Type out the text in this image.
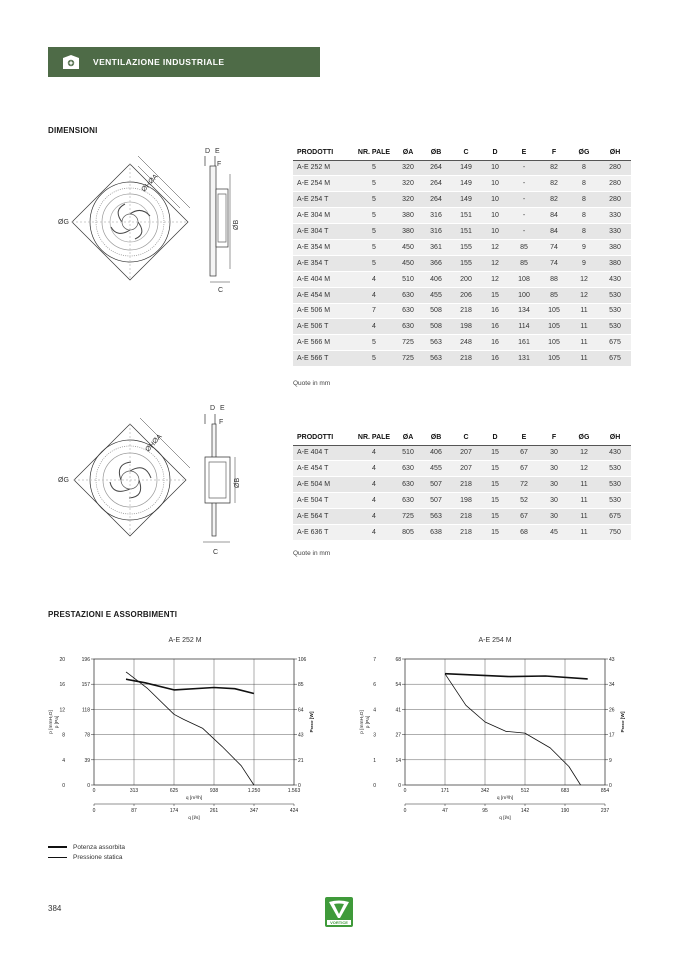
VENTILAZIONE INDUSTRIALE
DIMENSIONI
D E
F
ØA
ØH
ØG	ØB
C
PRODOTTI	NR. PALE	ØA	ØB	C	D	E	F	ØG	ØH
A-E 252 M	5	320	264	149	10	-	82	8	280
A-E 254 M	5	320	264	149	10	-	82	8	280
A-E 254 T	5	320	264	149	10	-	82	8	280
A-E 304 M	5	380	316	151	10	-	84	8	330
A-E 304 T	5	380	316	151	10	-	84	8	330
A-E 354 M	5	450	361	155	12	85	74	9	380
A-E 354 T	5	450	366	155	12	85	74	9	380
A-E 404 M	4	510	406	200	12	108	88	12	430
A-E 454 M	4	630	455	206	15	100	85	12	530
A-E 506 M	7	630	508	218	16	134	105	11	530
A-E 506 T	4	630	508	198	16	114	105	11	530
A-E 566 M	5	725	563	248	16	161	105	11	675
A-E 566 T	5	725	563	218	16	131	105	11	675
Quote in mm
D E
F
ØA
ØH
ØG	ØB
C
PRODOTTI	NR. PALE	ØA	ØB	C	D	E	F	ØG	ØH
A-E 404 T	4	510	406	207	15	67	30	12	430
A-E 454 T	4	630	455	207	15	67	30	12	530
A-E 504 M	4	630	507	218	15	72	30	11	530
A-E 504 T	4	630	507	198	15	52	30	11	530
A-E 564 T	4	725	563	218	15	67	30	11	675
A-E 636 T	4	805	638	218	15	68	45	11	750
Quote in mm
PRESTAZIONI E ASSORBIMENTI
A-E 252 M	A-E 254 M
0	313	625	938	1.250	1.563
q [m³/h]
0	87	174	261	347	424
q [l/s]
0
4
8
12
16
20
0
39
78
118
157
196
0
21
43
64
85
106
p [mmH₂O] p [Pa]
Passor[W]
0	171	342	512	683	854
q [m³/h]
0	47	95	142	190	237
q [l/s]
0
1
3
4
6
7
0
14
27
41
54
68
0
9
17
26
34
43
p [mmH₂O] p [Pa]
Passor[W]
Potenza assorbita
Pressione statica
384
VORTICE
